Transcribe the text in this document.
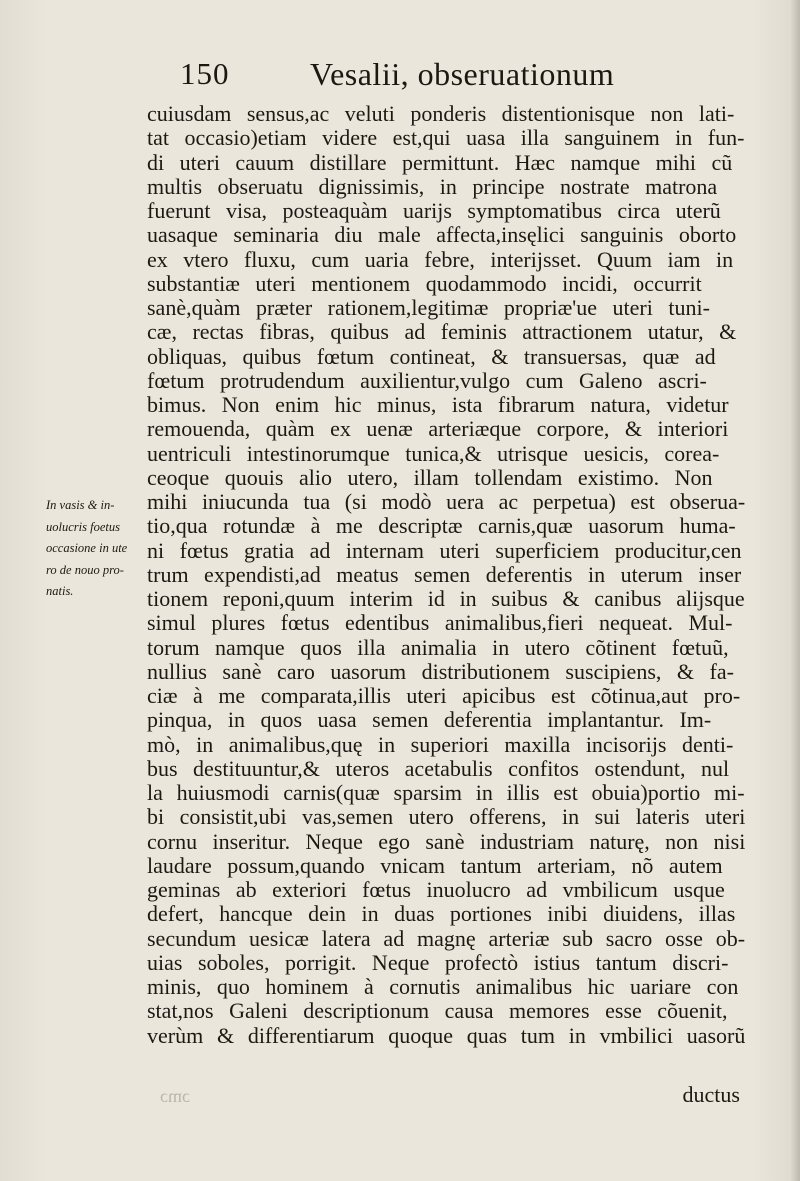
150	Vesalii, obseruationum
In vasis & in-
uolucris foetus
occasione in ute
ro de nouo pro-
natis.
cuiusdam sensus,ac veluti ponderis distentionisque non lati-
tat occasio)etiam videre est,qui uasa illa sanguinem in fun-
di uteri cauum distillare permittunt. Hæc namque mihi cũ
multis obseruatu dignissimis, in principe nostrate matrona
fuerunt visa, posteaquàm uarijs symptomatibus circa uterũ
uasaque seminaria diu male affecta,insęlici sanguinis oborto
ex vtero fluxu, cum uaria febre, interijsset. Quum iam in
substantiæ uteri mentionem quodammodo incidi, occurrit
sanè,quàm præter rationem,legitimæ propriæ'ue uteri tuni-
cæ, rectas fibras, quibus ad feminis attractionem utatur, &
obliquas, quibus fœtum contineat, & transuersas, quæ ad
fœtum protrudendum auxilientur,vulgo cum Galeno ascri-
bimus. Non enim hic minus, ista fibrarum natura, videtur
remouenda, quàm ex uenæ arteriæque corpore, & interiori
uentriculi intestinorumque tunica,& utrisque uesicis, corea-
ceoque quouis alio utero, illam tollendam existimo. Non
mihi iniucunda tua (si modò uera ac perpetua) est obserua-
tio,qua rotundæ à me descriptæ carnis,quæ uasorum huma-
ni fœtus gratia ad internam uteri superficiem producitur,cen
trum expendisti,ad meatus semen deferentis in uterum inser
tionem reponi,quum interim id in suibus & canibus alijsque
simul plures fœtus edentibus animalibus,fieri nequeat. Mul-
torum namque quos illa animalia in utero cõtinent fœtuũ,
nullius sanè caro uasorum distributionem suscipiens, & fa-
ciæ à me comparata,illis uteri apicibus est cõtinua,aut pro-
pinqua, in quos uasa semen deferentia implantantur. Im-
mò, in animalibus,quę in superiori maxilla incisorijs denti-
bus destituuntur,& uteros acetabulis confitos ostendunt, nul
la huiusmodi carnis(quæ sparsim in illis est obuia)portio mi-
bi consistit,ubi vas,semen utero offerens, in sui lateris uteri
cornu inseritur. Neque ego sanè industriam naturę, non nisi
laudare possum,quando vnicam tantum arteriam, nõ autem
geminas ab exteriori fœtus inuolucro ad vmbilicum usque
defert, hancque dein in duas portiones inibi diuidens, illas
secundum uesicæ latera ad magnę arteriæ sub sacro osse ob-
uias soboles, porrigit. Neque profectò istius tantum discri-
minis, quo hominem à cornutis animalibus hic uariare con
stat,nos Galeni descriptionum causa memores esse cõuenit,
verùm & differentiarum quoque quas tum in vmbilici uasorũ
ɔmɔ	ductus
